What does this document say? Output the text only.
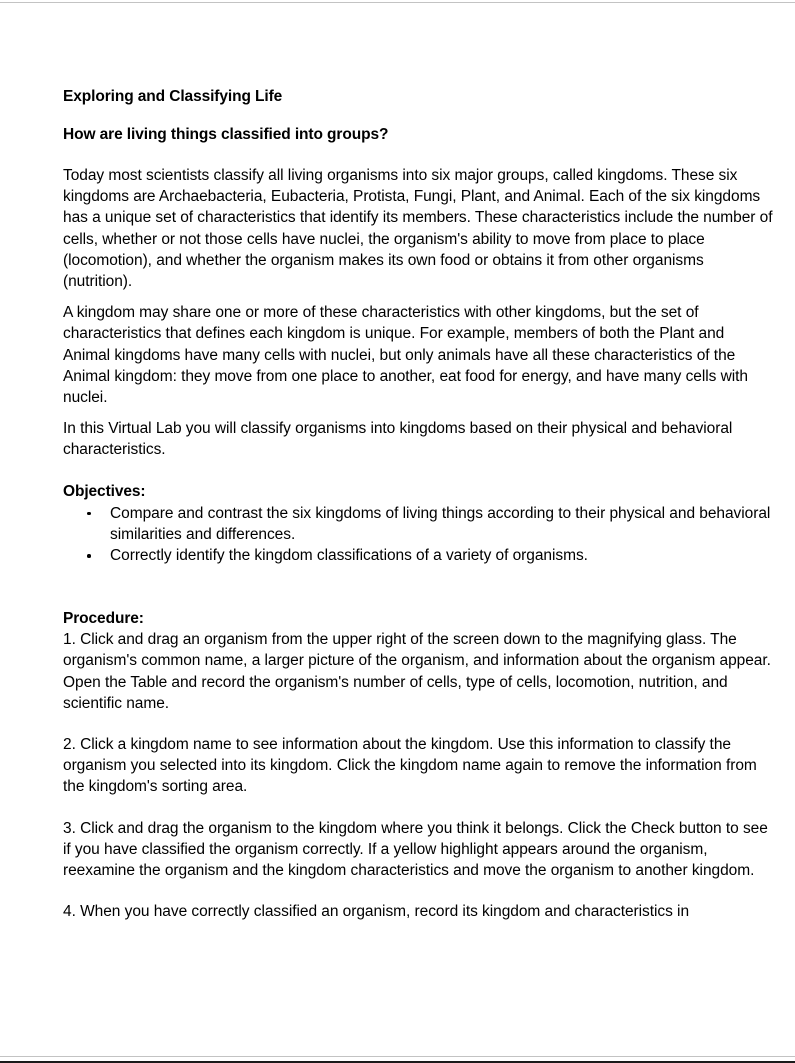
Exploring and Classifying Life
How are living things classified into groups?

Today most scientists classify all living organisms into six major groups, called kingdoms. These six kingdoms are Archaebacteria, Eubacteria, Protista, Fungi, Plant, and Animal. Each of the six kingdoms has a unique set of characteristics that identify its members. These characteristics include the number of cells, whether or not those cells have nuclei, the organism's ability to move from place to place (locomotion), and whether the organism makes its own food or obtains it from other organisms (nutrition).

A kingdom may share one or more of these characteristics with other kingdoms, but the set of characteristics that defines each kingdom is unique. For example, members of both the Plant and Animal kingdoms have many cells with nuclei, but only animals have all these characteristics of the Animal kingdom: they move from one place to another, eat food for energy, and have many cells with nuclei.

In this Virtual Lab you will classify organisms into kingdoms based on their physical and behavioral characteristics.

Objectives:
Compare and contrast the six kingdoms of living things according to their physical and behavioral similarities and differences.
Correctly identify the kingdom classifications of a variety of organisms.
Procedure:

1. Click and drag an organism from the upper right of the screen down to the magnifying glass. The organism's common name, a larger picture of the organism, and information about the organism appear. Open the Table and record the organism's number of cells, type of cells, locomotion, nutrition, and scientific name.

2. Click a kingdom name to see information about the kingdom. Use this information to classify the organism you selected into its kingdom. Click the kingdom name again to remove the information from the kingdom's sorting area.

3. Click and drag the organism to the kingdom where you think it belongs. Click the Check button to see if you have classified the organism correctly. If a yellow highlight appears around the organism, reexamine the organism and the kingdom characteristics and move the organism to another kingdom.

4. When you have correctly classified an organism, record its kingdom and characteristics in
